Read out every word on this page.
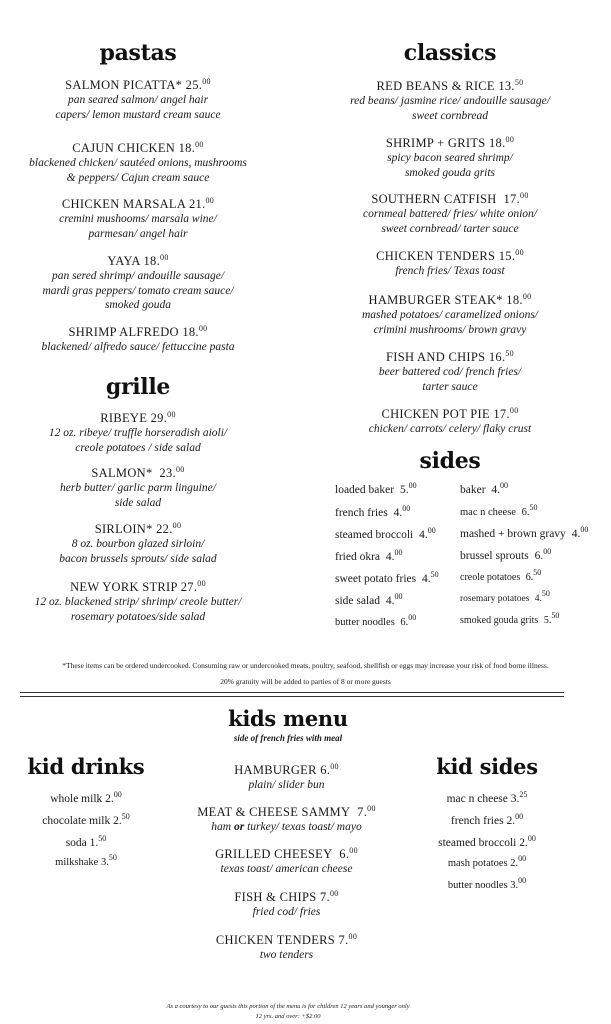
pastas
SALMON PICATTA* 25.00
pan seared salmon/ angel hair
capers/ lemon mustard cream sauce
CAJUN CHICKEN 18.00
blackened chicken/ sautéed onions, mushrooms
& peppers/ Cajun cream sauce
CHICKEN MARSALA 21.00
cremini mushooms/ marsala wine/
parmesan/ angel hair
YAYA 18.00
pan sered shrimp/ andouille sausage/
mardi gras peppers/ tomato cream sauce/
smoked gouda
SHRIMP ALFREDO 18.00
blackened/ alfredo sauce/ fettuccine pasta
grille
RIBEYE 29.00
12 oz. ribeye/ truffle horseradish aioli/
creole potatoes / side salad
SALMON* 23.00
herb butter/ garlic parm linguine/
side salad
SIRLOIN* 22.00
8 oz. bourbon glazed sirloin/
bacon brussels sprouts/ side salad
NEW YORK STRIP 27.00
12 oz. blackened strip/ shrimp/ creole butter/
rosemary potatoes/side salad
classics
RED BEANS & RICE 13.50
red beans/ jasmine rice/ andouille sausage/
sweet cornbread
SHRIMP + GRITS 18.00
spicy bacon seared shrimp/
smoked gouda grits
SOUTHERN CATFISH 17.00
cornmeal battered/ fries/ white onion/
sweet cornbread/ tarter sauce
CHICKEN TENDERS 15.00
french fries/ Texas toast
HAMBURGER STEAK* 18.00
mashed potatoes/ caramelized onions/
crimini mushrooms/ brown gravy
FISH AND CHIPS 16.50
beer battered cod/ french fries/
tarter sauce
CHICKEN POT PIE 17.00
chicken/ carrots/ celery/ flaky crust
sides
loaded baker 5.00
french fries 4.00
steamed broccoli 4.00
fried okra 4.00
sweet potato fries 4.50
side salad 4.00
butter noodles 6.00
baker 4.00
mac n cheese 6.50
mashed + brown gravy 4.00
brussel sprouts 6.00
creole potatoes 6.50
rosemary potatoes 4.50
smoked gouda grits 5.50
*These items can be ordered undercooked. Consuming raw or undercooked meats, poultry, seafood, shellfish or eggs may increase your risk of food borne illness.
20% gratuity will be added to parties of 8 or more guests
kids menu
side of french fries with meal
kid drinks	kid sides
whole milk 2.00
chocolate milk 2.50
soda 1.50
milkshake 3.50
HAMBURGER 6.00
plain/ slider bun
MEAT & CHEESE SAMMY 7.00
ham or turkey/ texas toast/ mayo
GRILLED CHEESEY 6.00
texas toast/ american cheese
FISH & CHIPS 7.00
fried cod/ fries
CHICKEN TENDERS 7.00
two tenders
mac n cheese 3.25
french fries 2.00
steamed broccoli 2.00
mash potatoes 2.00
butter noodles 3.00
As a courtesy to our guests this portion of the menu is for children 12 years and younger only
12 yrs. and over: +$2.00
